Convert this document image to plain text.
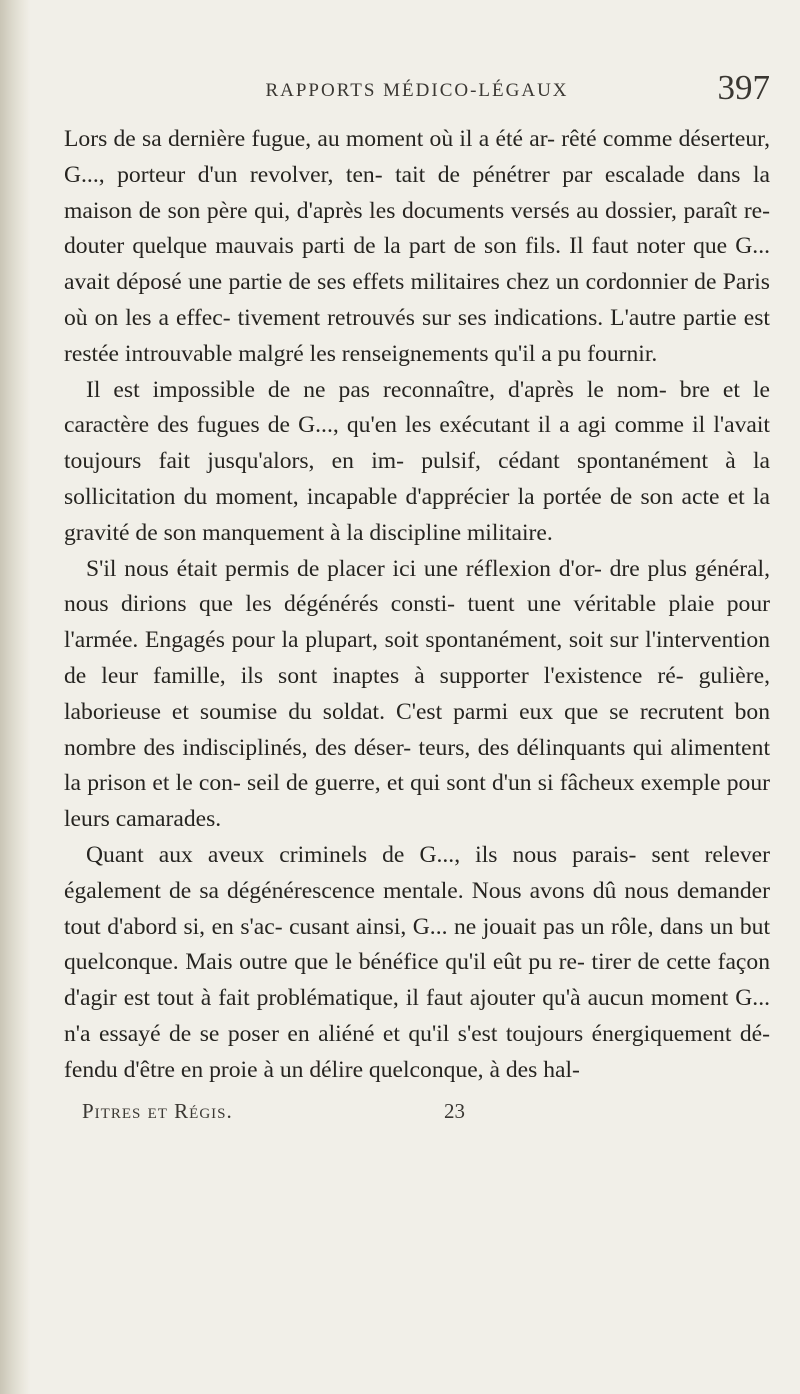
RAPPORTS MÉDICO-LÉGAUX	397

Lors de sa dernière fugue, au moment où il a été ar- rêté comme déserteur, G..., porteur d'un revolver, ten- tait de pénétrer par escalade dans la maison de son père qui, d'après les documents versés au dossier, paraît re- douter quelque mauvais parti de la part de son fils. Il faut noter que G... avait déposé une partie de ses effets militaires chez un cordonnier de Paris où on les a effec- tivement retrouvés sur ses indications. L'autre partie est restée introuvable malgré les renseignements qu'il a pu fournir.

Il est impossible de ne pas reconnaître, d'après le nom- bre et le caractère des fugues de G..., qu'en les exécutant il a agi comme il l'avait toujours fait jusqu'alors, en im- pulsif, cédant spontanément à la sollicitation du moment, incapable d'apprécier la portée de son acte et la gravité de son manquement à la discipline militaire.

S'il nous était permis de placer ici une réflexion d'or- dre plus général, nous dirions que les dégénérés consti- tuent une véritable plaie pour l'armée. Engagés pour la plupart, soit spontanément, soit sur l'intervention de leur famille, ils sont inaptes à supporter l'existence ré- gulière, laborieuse et soumise du soldat. C'est parmi eux que se recrutent bon nombre des indisciplinés, des déser- teurs, des délinquants qui alimentent la prison et le con- seil de guerre, et qui sont d'un si fâcheux exemple pour leurs camarades.

Quant aux aveux criminels de G..., ils nous parais- sent relever également de sa dégénérescence mentale. Nous avons dû nous demander tout d'abord si, en s'ac- cusant ainsi, G... ne jouait pas un rôle, dans un but quelconque. Mais outre que le bénéfice qu'il eût pu re- tirer de cette façon d'agir est tout à fait problématique, il faut ajouter qu'à aucun moment G... n'a essayé de se poser en aliéné et qu'il s'est toujours énergiquement dé- fendu d'être en proie à un délire quelconque, à des hal-

Pitres et Régis.	23
